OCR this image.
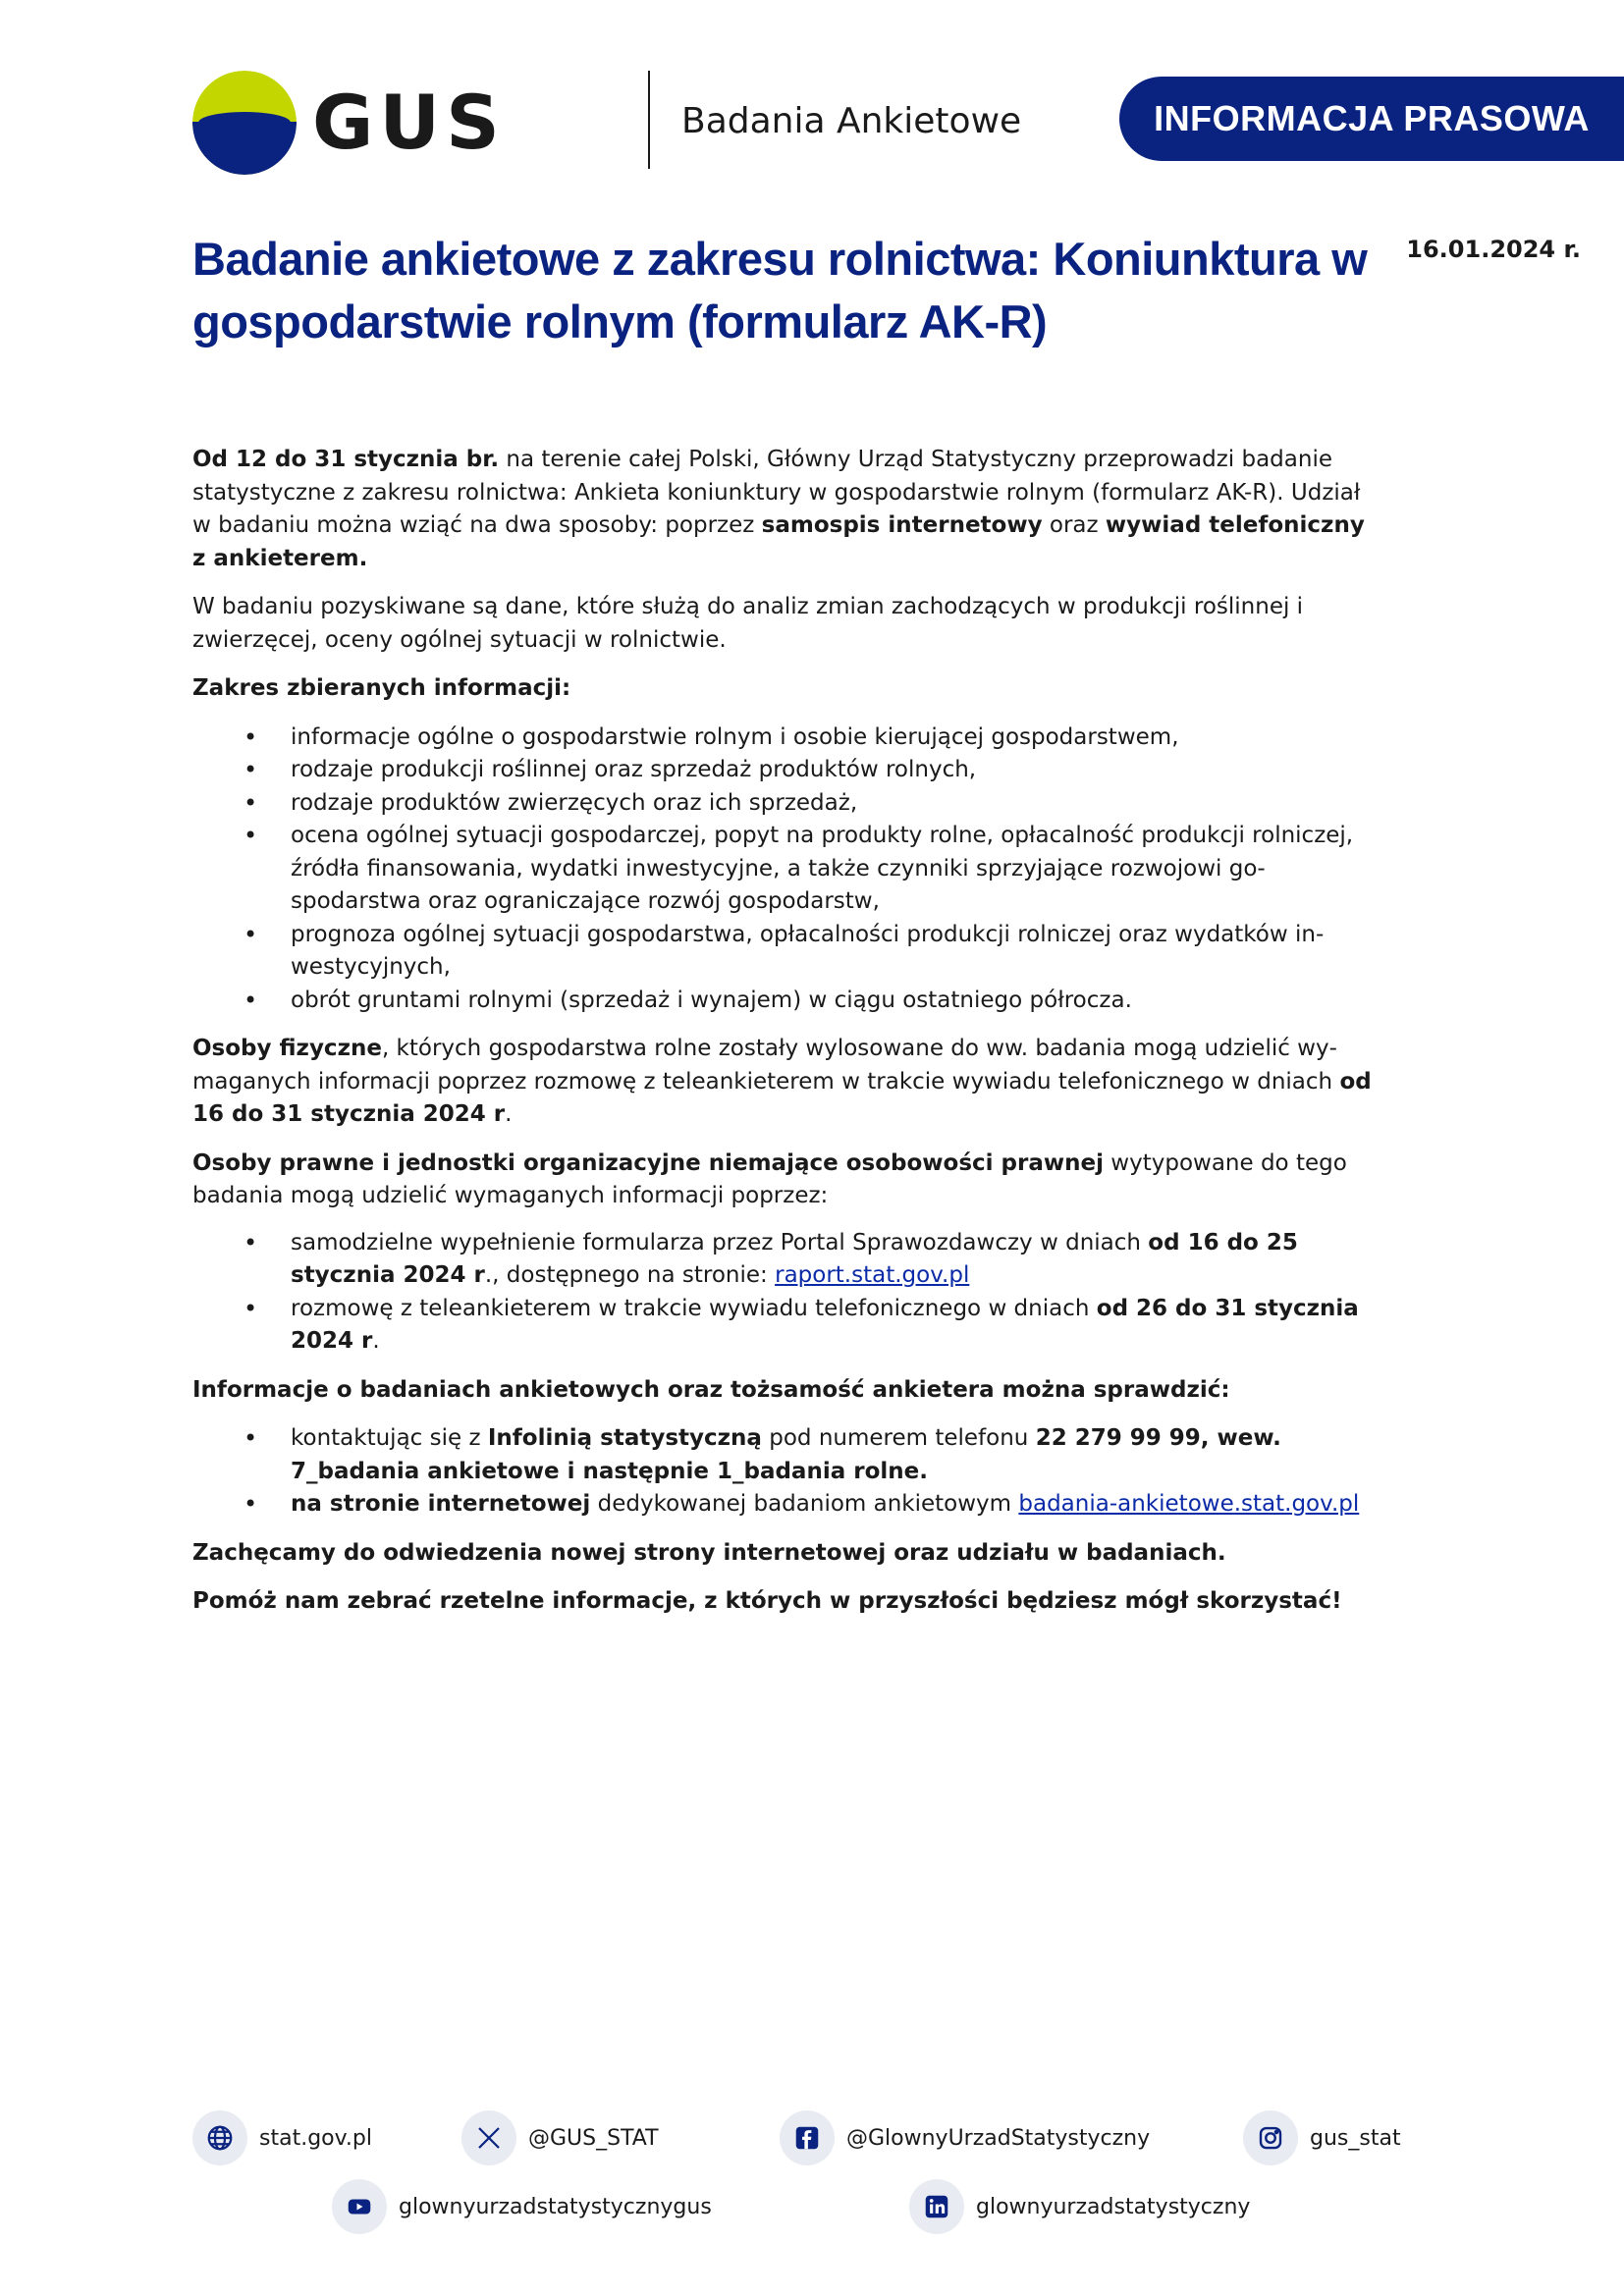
GUS	Badania Ankietowe	INFORMACJA PRASOWA
Badanie ankietowe z zakresu rolnictwa: Koniunktura w gospodarstwie rolnym (formularz AK-R)
16.01.2024 r.

Od 12 do 31 stycznia br. na terenie całej Polski, Główny Urząd Statystyczny przeprowadzi badanie statystyczne z zakresu rolnictwa: Ankieta koniunktury w gospodarstwie rolnym (formularz AK-R). Udział w badaniu można wziąć na dwa sposoby: poprzez samospis internetowy oraz wywiad telefoniczny z ankieterem.

W badaniu pozyskiwane są dane, które służą do analiz zmian zachodzących w produkcji roślinnej i zwierzęcej, oceny ogólnej sytuacji w rolnictwie.

Zakres zbieranych informacji:

• informacje ogólne o gospodarstwie rolnym i osobie kierującej gospodarstwem,
• rodzaje produkcji roślinnej oraz sprzedaż produktów rolnych,
• rodzaje produktów zwierzęcych oraz ich sprzedaż,
• ocena ogólnej sytuacji gospodarczej, popyt na produkty rolne, opłacalność produkcji rolniczej, źródła finansowania, wydatki inwestycyjne, a także czynniki sprzyjające rozwojowi gospodarstwa oraz ograniczające rozwój gospodarstw,
• prognoza ogólnej sytuacji gospodarstwa, opłacalności produkcji rolniczej oraz wydatków inwestycyjnych,
• obrót gruntami rolnymi (sprzedaż i wynajem) w ciągu ostatniego półrocza.

Osoby fizyczne, których gospodarstwa rolne zostały wylosowane do ww. badania mogą udzielić wymaganych informacji poprzez rozmowę z teleankieterem w trakcie wywiadu telefonicznego w dniach od 16 do 31 stycznia 2024 r.

Osoby prawne i jednostki organizacyjne niemające osobowości prawnej wytypowane do tego badania mogą udzielić wymaganych informacji poprzez:

• samodzielne wypełnienie formularza przez Portal Sprawozdawczy w dniach od 16 do 25 stycznia 2024 r., dostępnego na stronie: raport.stat.gov.pl
• rozmowę z teleankieterem w trakcie wywiadu telefonicznego w dniach od 26 do 31 stycznia 2024 r.

Informacje o badaniach ankietowych oraz tożsamość ankietera można sprawdzić:

• kontaktując się z Infolinią statystyczną pod numerem telefonu 22 279 99 99, wew. 7_badania ankietowe i następnie 1_badania rolne.
• na stronie internetowej dedykowanej badaniom ankietowym badania-ankietowe.stat.gov.pl

Zachęcamy do odwiedzenia nowej strony internetowej oraz udziału w badaniach.

Pomóż nam zebrać rzetelne informacje, z których w przyszłości będziesz mógł skorzystać!

stat.gov.pl	@GUS_STAT	@GlownyUrzadStatystyczny	gus_stat
glownyurzadstatystycznygus	glownyurzadstatystyczny
